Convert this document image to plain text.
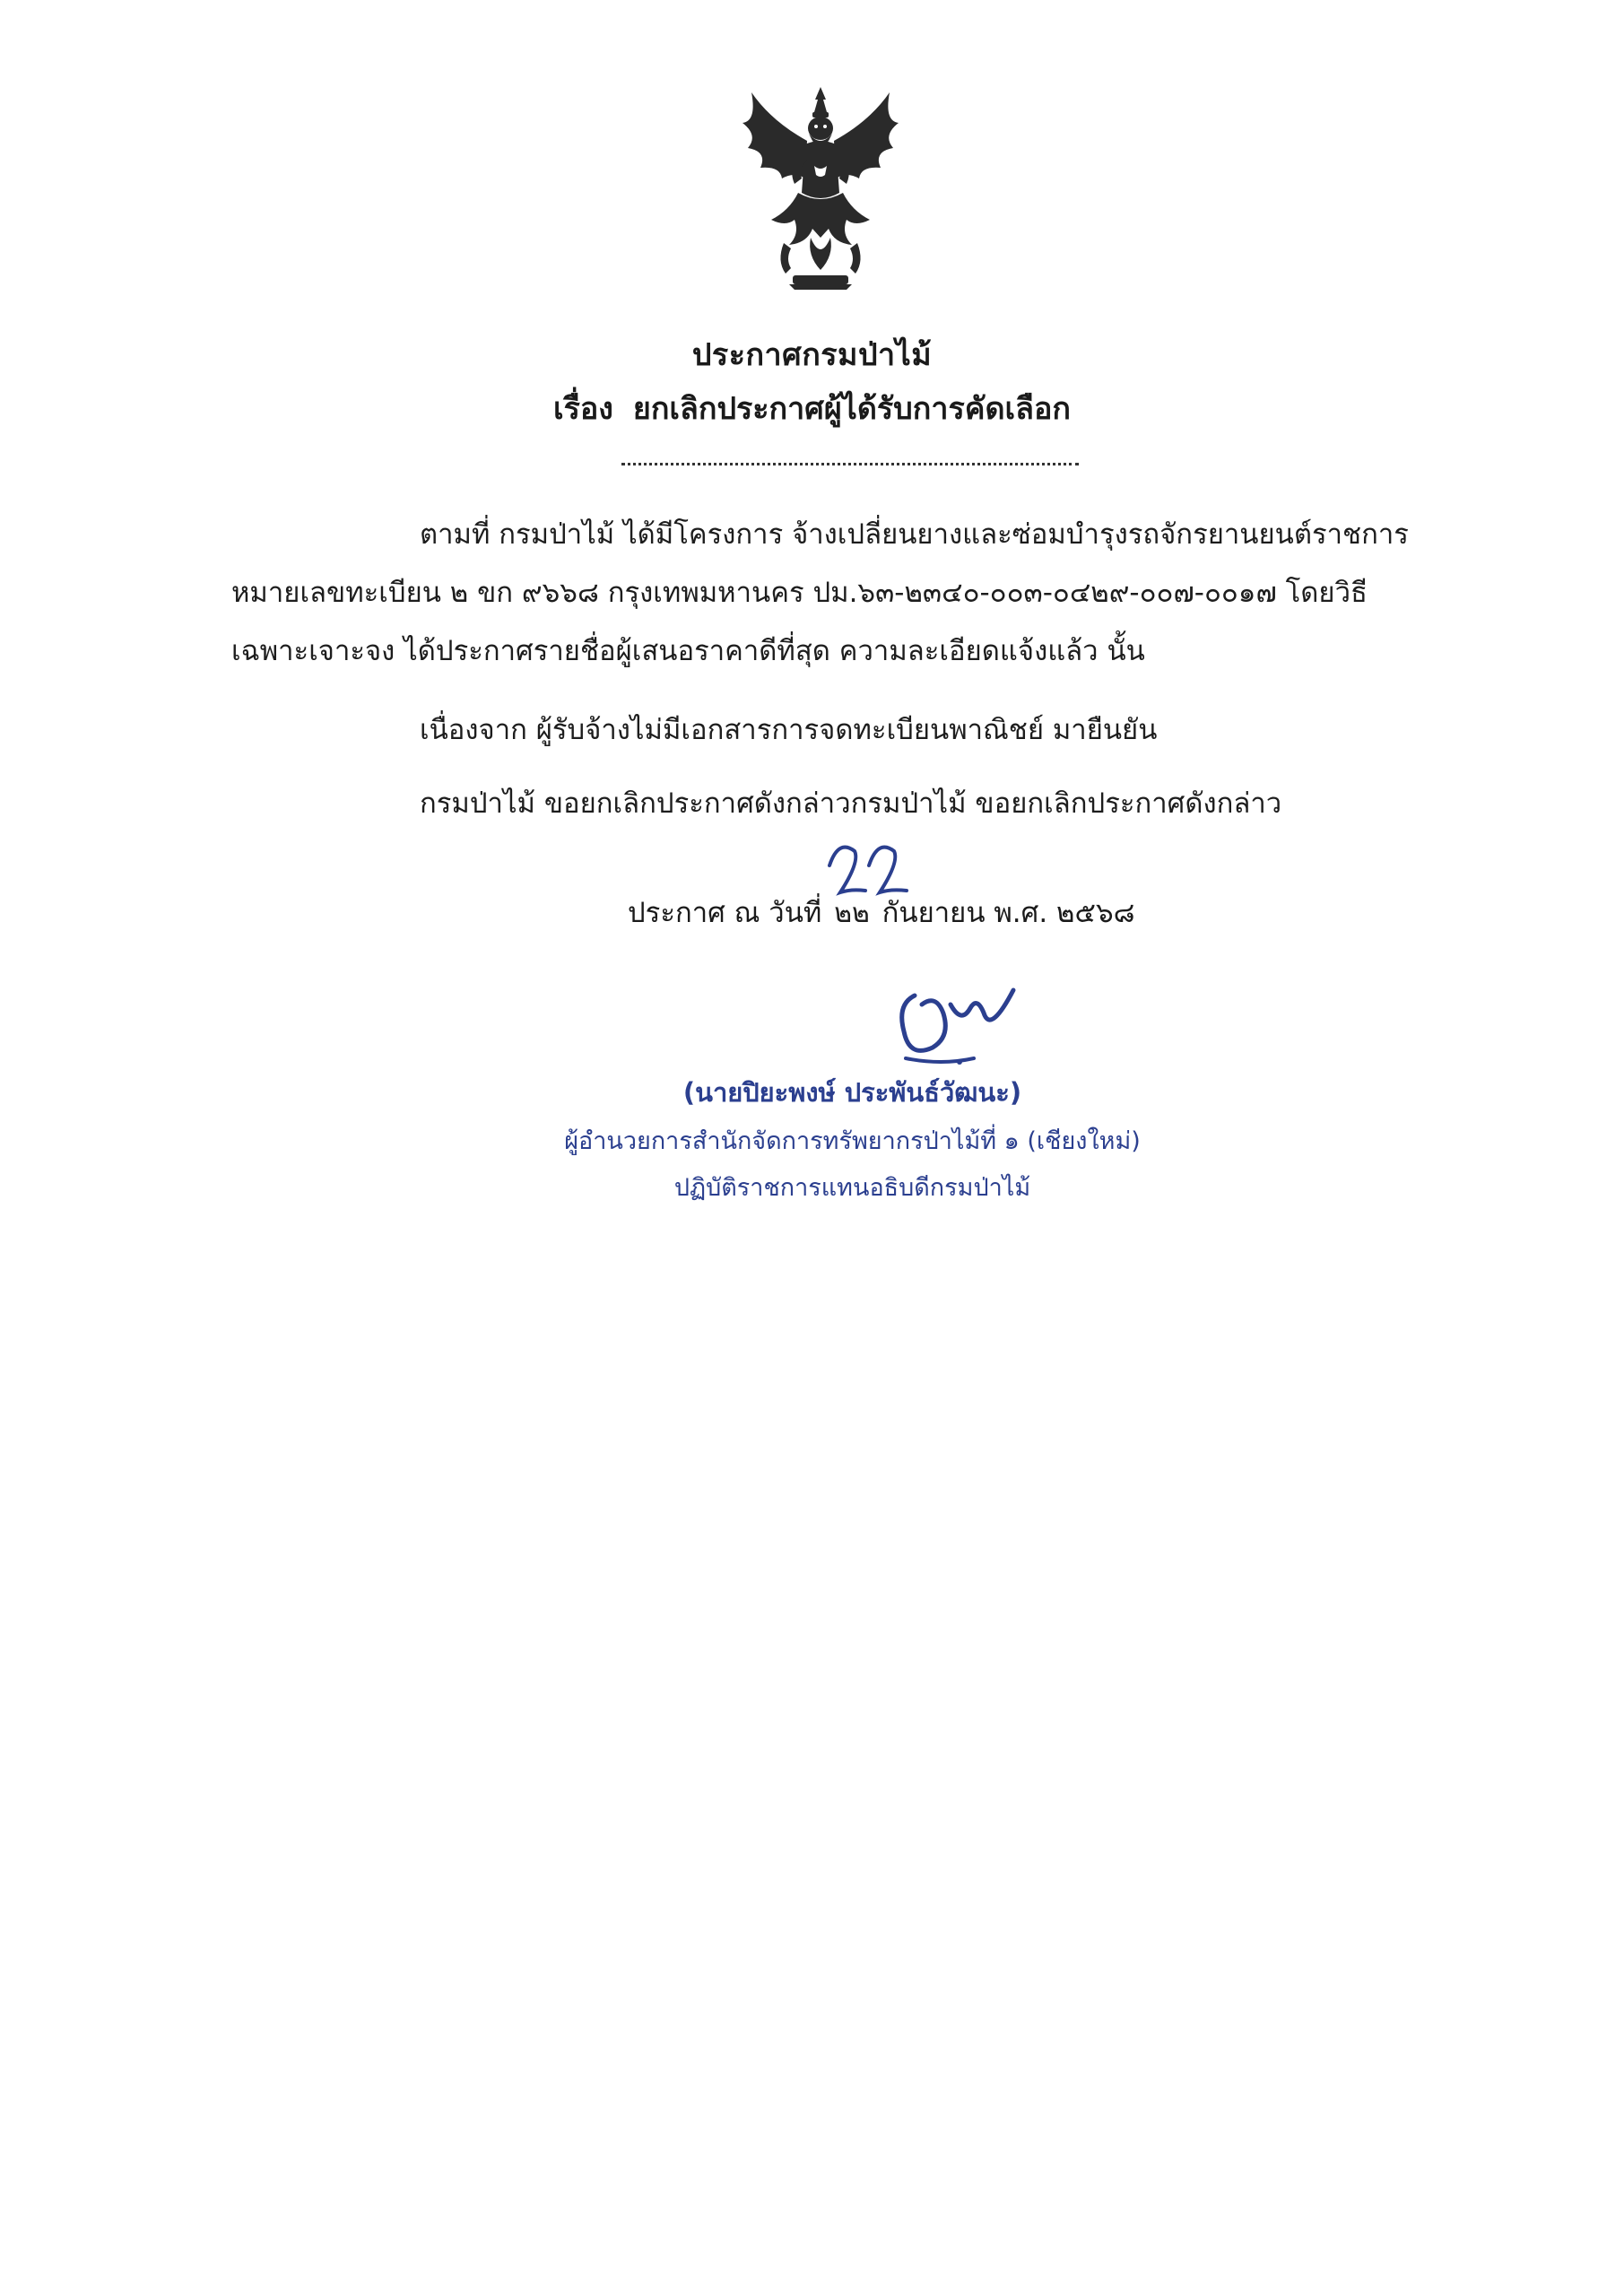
ประกาศกรมป่าไม้
เรื่อง ยกเลิกประกาศผู้ได้รับการคัดเลือก
ตามที่ กรมป่าไม้ ได้มีโครงการ จ้างเปลี่ยนยางและซ่อมบำรุงรถจักรยานยนต์ราชการ
หมายเลขทะเบียน ๒ ขก ๙๖๖๘ กรุงเทพมหานคร ปม.๖๓-๒๓๔๐-๐๐๓-๐๔๒๙-๐๐๗-๐๐๑๗ โดยวิธี
เฉพาะเจาะจง ได้ประกาศรายชื่อผู้เสนอราคาดีที่สุด ความละเอียดแจ้งแล้ว นั้น
เนื่องจาก ผู้รับจ้างไม่มีเอกสารการจดทะเบียนพาณิชย์ มายืนยัน
กรมป่าไม้ ขอยกเลิกประกาศดังกล่าวกรมป่าไม้ ขอยกเลิกประกาศดังกล่าว
ประกาศ ณ วันที่ ๒๒ กันยายน พ.ศ. ๒๕๖๘
(นายปิยะพงษ์ ประพันธ์วัฒนะ)
ผู้อำนวยการสำนักจัดการทรัพยากรป่าไม้ที่ ๑ (เชียงใหม่)
ปฏิบัติราชการแทนอธิบดีกรมป่าไม้
